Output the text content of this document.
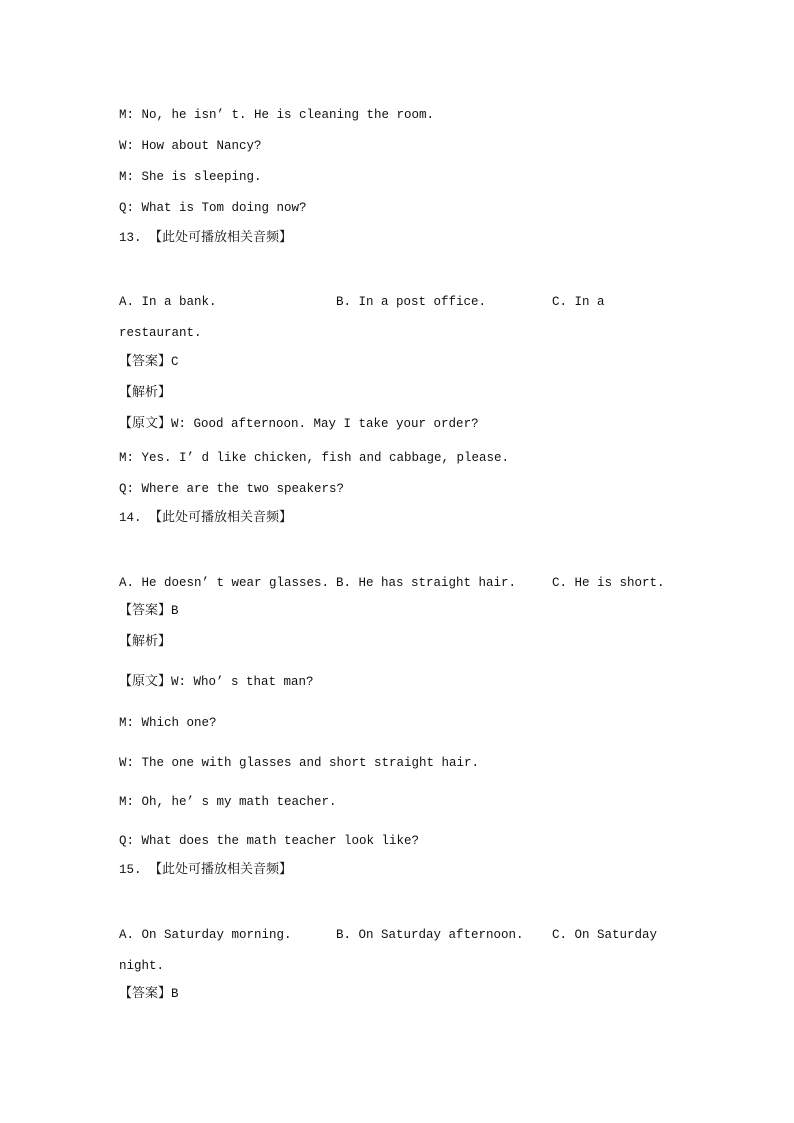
M: No, he isn’ t. He is cleaning the room.
W: How about Nancy?
M: She is sleeping.
Q: What is Tom doing now?
13. 【此处可播放相关音频】
A. In a bank.	B. In a post office.	C. In a
restaurant.
【答案】C
【解析】
【原文】W: Good afternoon. May I take your order?
M: Yes. I’ d like chicken, fish and cabbage, please.
Q: Where are the two speakers?
14. 【此处可播放相关音频】
A. He doesn’ t wear glasses. B. He has straight hair.	C. He is short.
【答案】B
【解析】
【原文】W: Who’ s that man?
M: Which one?
W: The one with glasses and short straight hair.
M: Oh, he’ s my math teacher.
Q: What does the math teacher look like?
15. 【此处可播放相关音频】
A. On Saturday morning.	B. On Saturday afternoon. C. On Saturday
night.
【答案】B
